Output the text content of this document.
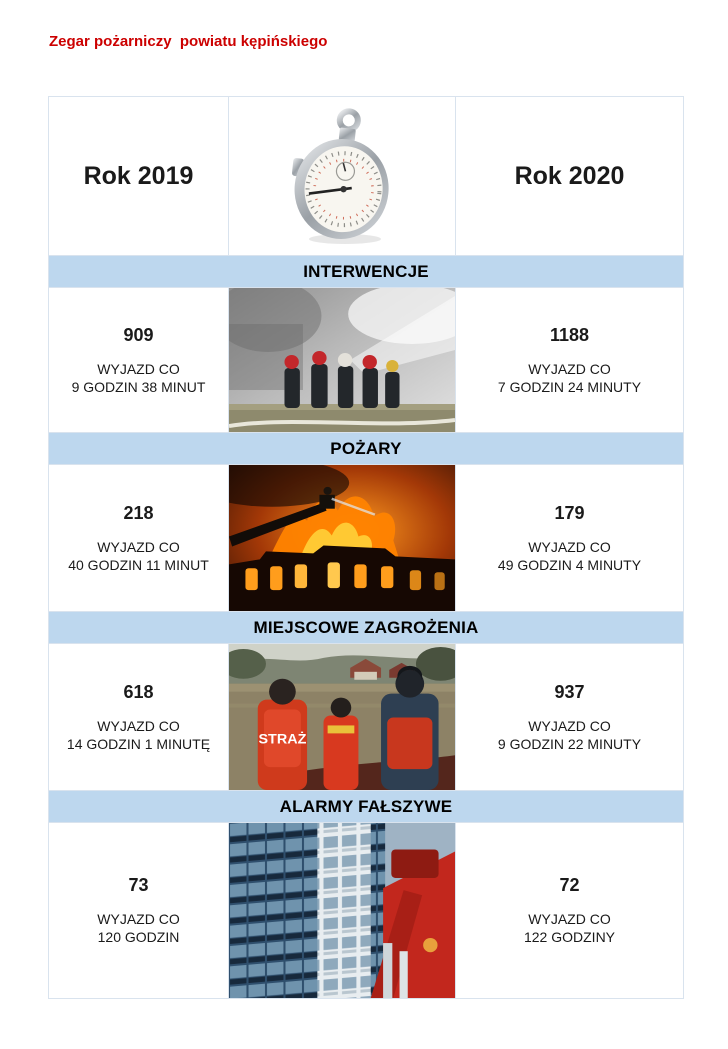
Zegar pożarniczy  powiatu kępińskiego
Rok 2019	Rok 2020
INTERWENCJE
909
WYJAZD CO
9 GODZIN 38 MINUT
1188
WYJAZD CO
7 GODZIN 24 MINUTY
POŻARY
218
WYJAZD CO
40 GODZIN 11 MINUT
179
WYJAZD CO
49 GODZIN 4 MINUTY
MIEJSCOWE ZAGROŻENIA
618
WYJAZD CO
14 GODZIN 1 MINUTĘ	STRAŻ
937
WYJAZD CO
9 GODZIN 22 MINUTY
ALARMY FAŁSZYWE
73
WYJAZD CO
120 GODZIN
72
WYJAZD CO
122 GODZINY
